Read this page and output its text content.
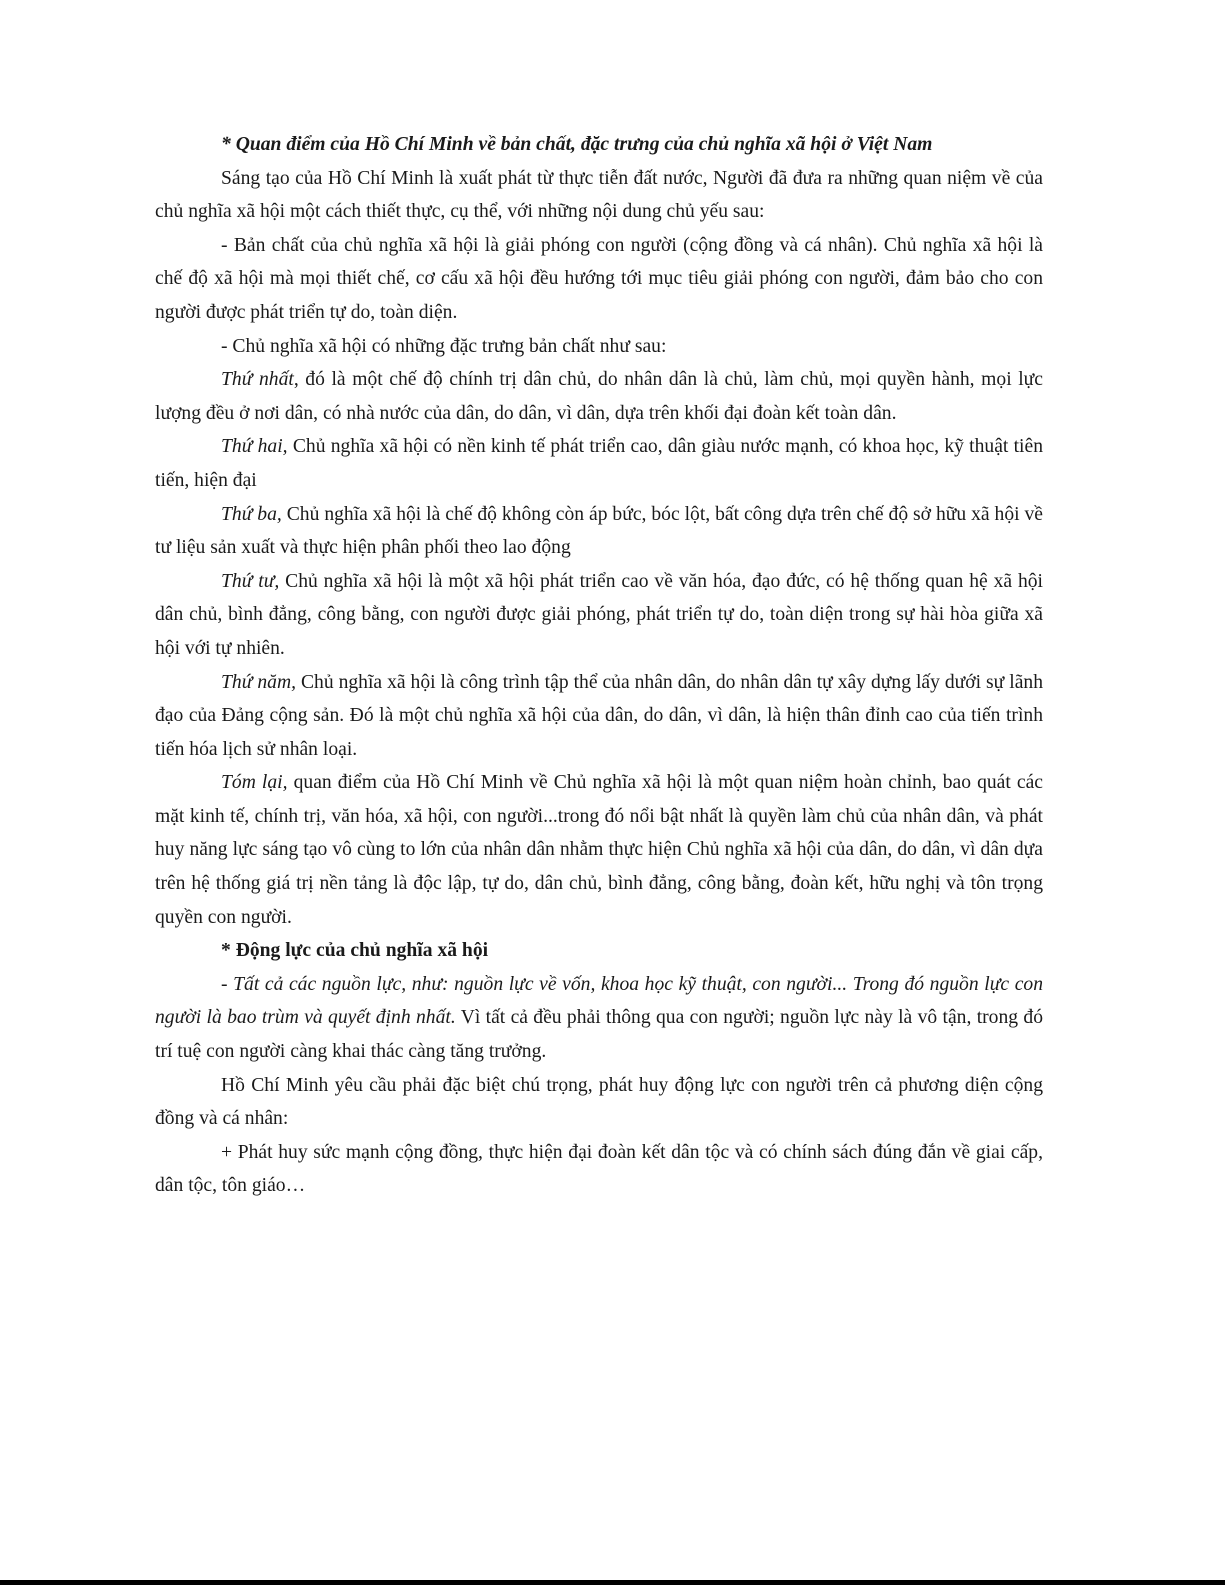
* Quan điểm của Hồ Chí Minh về bản chất, đặc trưng của chủ nghĩa xã hội ở Việt Nam

Sáng tạo của Hồ Chí Minh là xuất phát từ thực tiễn đất nước, Người đã đưa ra những quan niệm về của chủ nghĩa xã hội một cách thiết thực, cụ thể, với những nội dung chủ yếu sau:

- Bản chất của chủ nghĩa xã hội là giải phóng con người (cộng đồng và cá nhân). Chủ nghĩa xã hội là chế độ xã hội mà mọi thiết chế, cơ cấu xã hội đều hướng tới mục tiêu giải phóng con người, đảm bảo cho con người được phát triển tự do, toàn diện.

- Chủ nghĩa xã hội có những đặc trưng bản chất như sau:

Thứ nhất, đó là một chế độ chính trị dân chủ, do nhân dân là chủ, làm chủ, mọi quyền hành, mọi lực lượng đều ở nơi dân, có nhà nước của dân, do dân, vì dân, dựa trên khối đại đoàn kết toàn dân.

Thứ hai, Chủ nghĩa xã hội có nền kinh tế phát triển cao, dân giàu nước mạnh, có khoa học, kỹ thuật tiên tiến, hiện đại

Thứ ba, Chủ nghĩa xã hội là chế độ không còn áp bức, bóc lột, bất công dựa trên chế độ sở hữu xã hội về tư liệu sản xuất và thực hiện phân phối theo lao động

Thứ tư, Chủ nghĩa xã hội là một xã hội phát triển cao về văn hóa, đạo đức, có hệ thống quan hệ xã hội dân chủ, bình đẳng, công bằng, con người được giải phóng, phát triển tự do, toàn diện trong sự hài hòa giữa xã hội với tự nhiên.

Thứ năm, Chủ nghĩa xã hội là công trình tập thể của nhân dân, do nhân dân tự xây dựng lấy dưới sự lãnh đạo của Đảng cộng sản. Đó là một chủ nghĩa xã hội của dân, do dân, vì dân, là hiện thân đỉnh cao của tiến trình tiến hóa lịch sử nhân loại.

Tóm lại, quan điểm của Hồ Chí Minh về Chủ nghĩa xã hội là một quan niệm hoàn chỉnh, bao quát các mặt kinh tế, chính trị, văn hóa, xã hội, con người...trong đó nổi bật nhất là quyền làm chủ của nhân dân, và phát huy năng lực sáng tạo vô cùng to lớn của nhân dân nhằm thực hiện Chủ nghĩa xã hội của dân, do dân, vì dân dựa trên hệ thống giá trị nền tảng là độc lập, tự do, dân chủ, bình đẳng, công bằng, đoàn kết, hữu nghị và tôn trọng quyền con người.

* Động lực của chủ nghĩa xã hội

- Tất cả các nguồn lực, như: nguồn lực về vốn, khoa học kỹ thuật, con người... Trong đó nguồn lực con người là bao trùm và quyết định nhất. Vì tất cả đều phải thông qua con người; nguồn lực này là vô tận, trong đó trí tuệ con người càng khai thác càng tăng trưởng.

Hồ Chí Minh yêu cầu phải đặc biệt chú trọng, phát huy động lực con người trên cả phương diện cộng đồng và cá nhân:

+ Phát huy sức mạnh cộng đồng, thực hiện đại đoàn kết dân tộc và có chính sách đúng đắn về giai cấp, dân tộc, tôn giáo…
